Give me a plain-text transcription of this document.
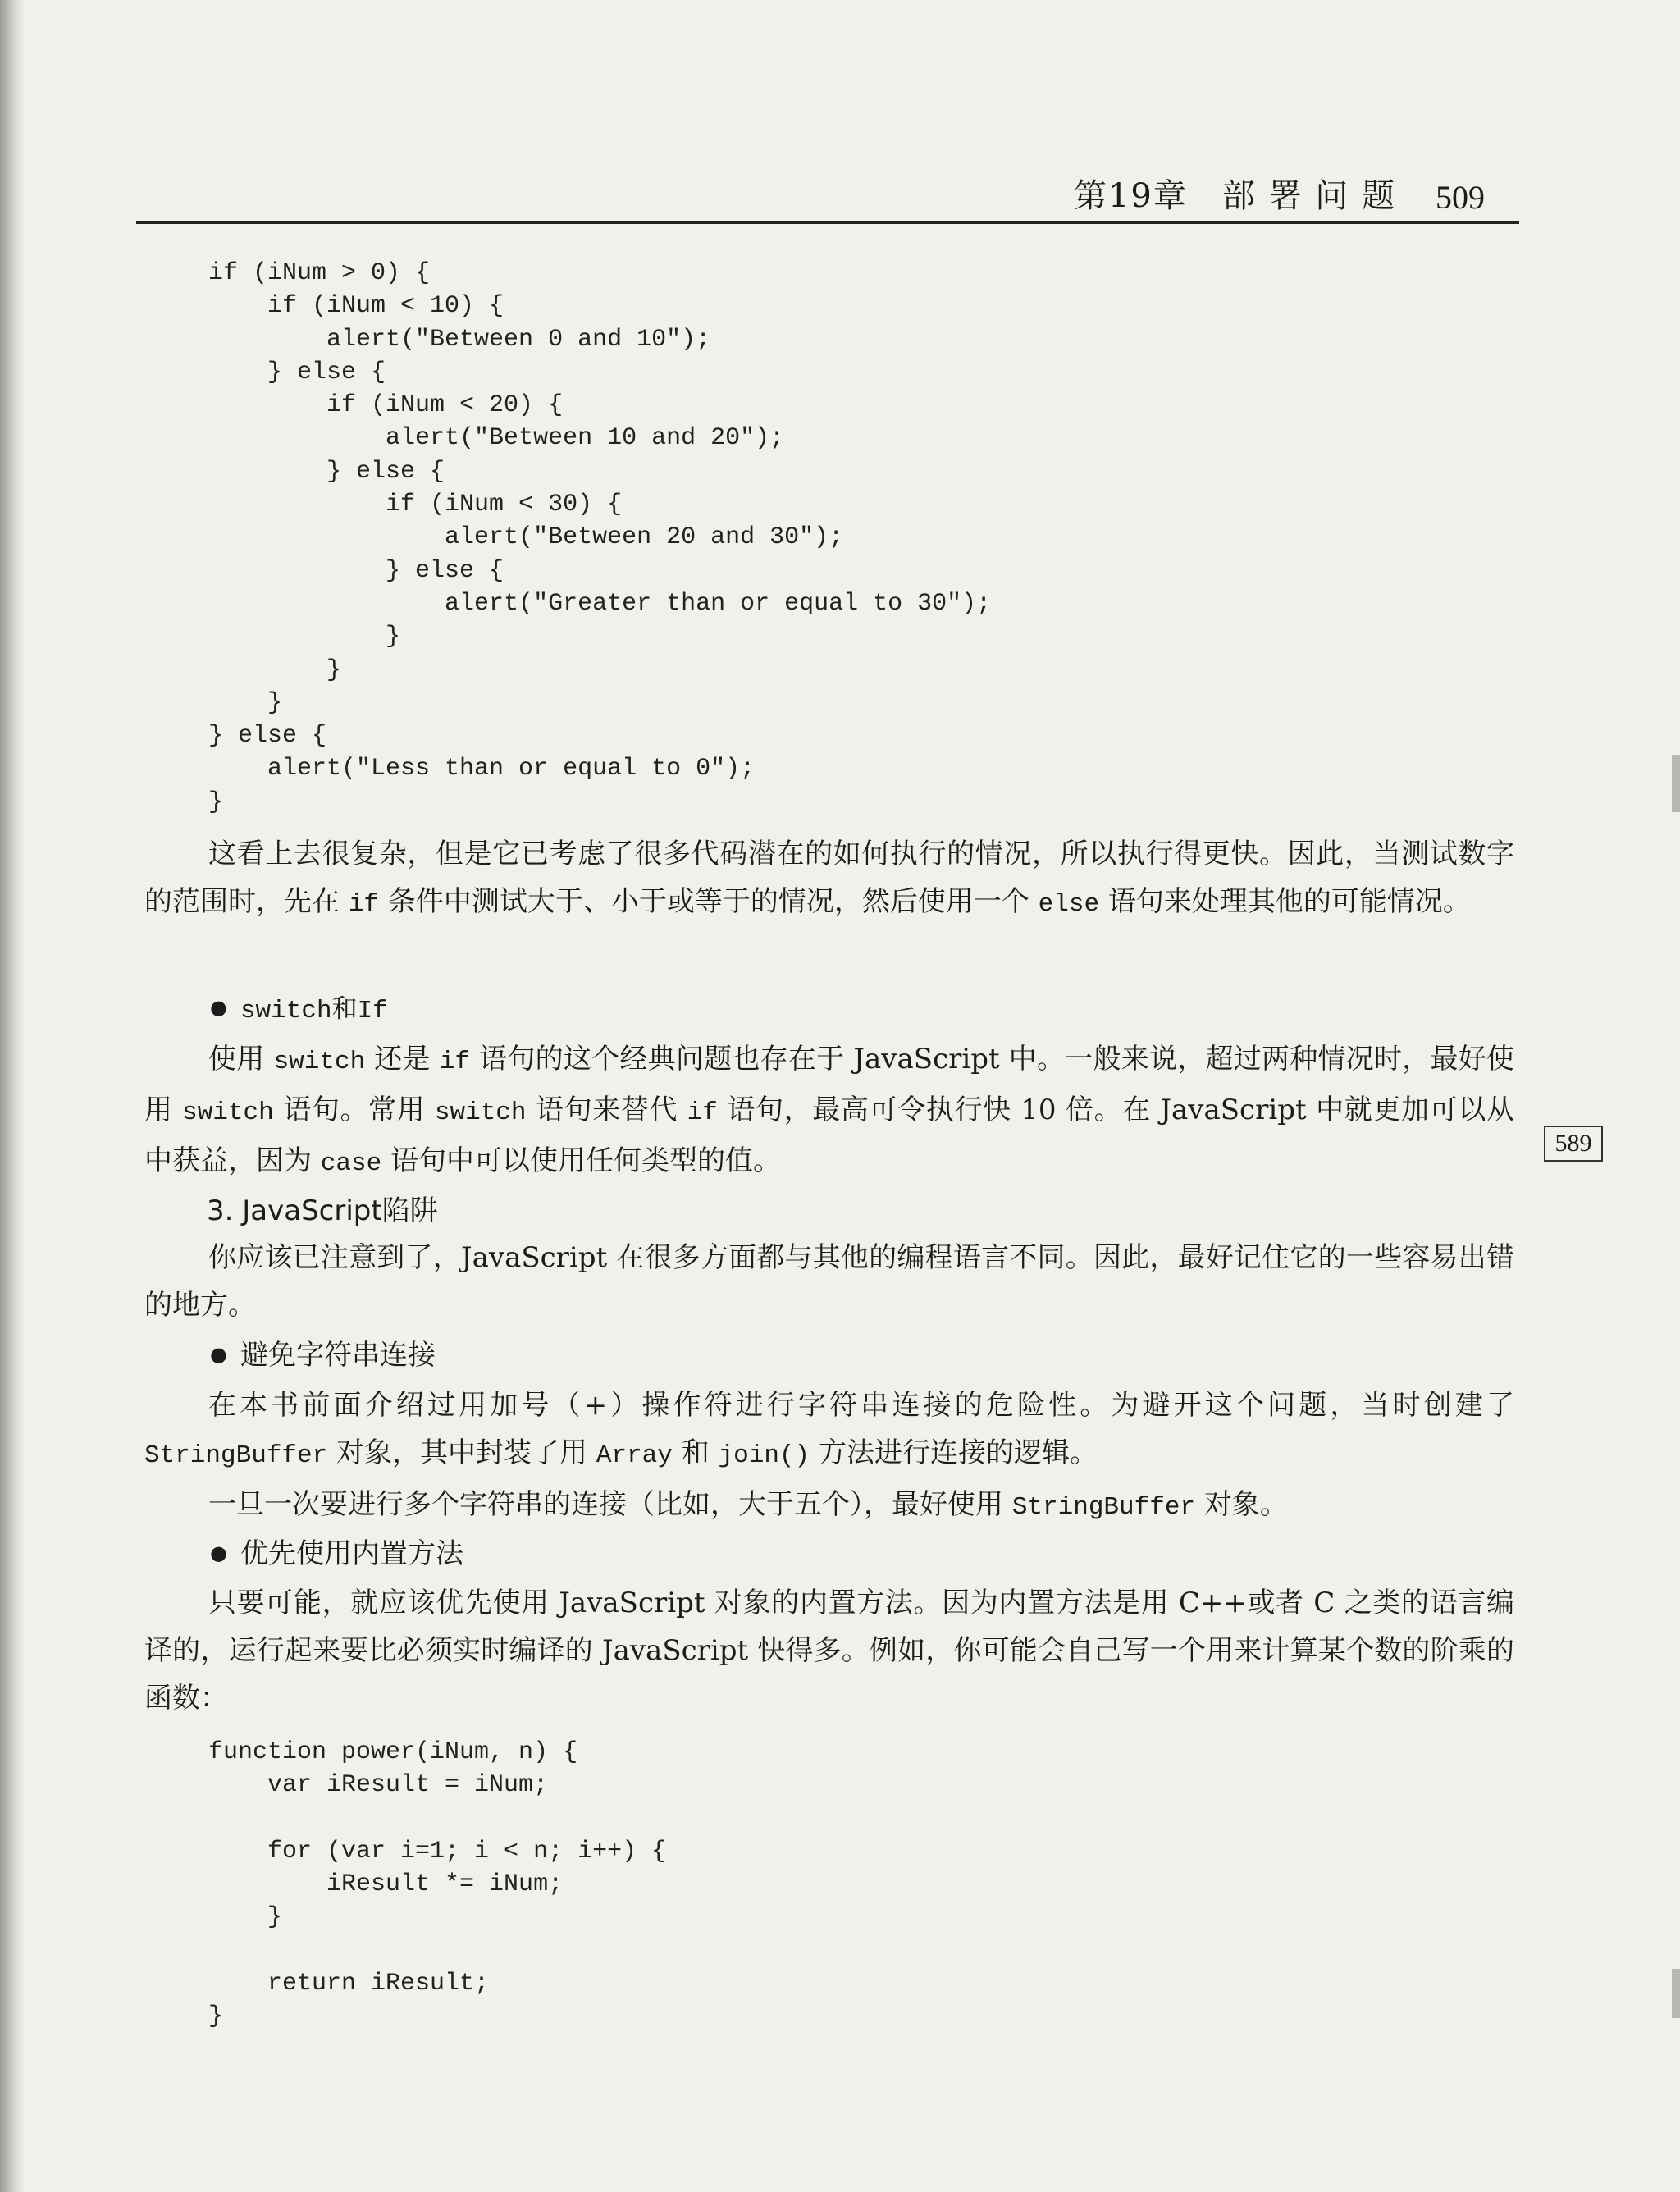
第19章　部 署 问 题 509
if (iNum > 0) {
if (iNum < 10) {
alert("Between 0 and 10");
} else {
if (iNum < 20) {
alert("Between 10 and 20");
} else {
if (iNum < 30) {
alert("Between 20 and 30");
} else {
alert("Greater than or equal to 30");
}
}
}
} else {
alert("Less than or equal to 0");
}

这看上去很复杂，但是它已考虑了很多代码潜在的如何执行的情况，所以执行得更快。因此，当测试数字的范围时，先在 if 条件中测试大于、小于或等于的情况，然后使用一个 else 语句来处理其他的可能情况。

● switch和If

使用 switch 还是 if 语句的这个经典问题也存在于 JavaScript 中。一般来说，超过两种情况时，最好使用 switch 语句。常用 switch 语句来替代 if 语句，最高可令执行快 10 倍。在 JavaScript 中就更加可以从中获益，因为 case 语句中可以使用任何类型的值。

589
3. JavaScript陷阱

你应该已注意到了，JavaScript 在很多方面都与其他的编程语言不同。因此，最好记住它的一些容易出错的地方。

● 避免字符串连接

在本书前面介绍过用加号（+）操作符进行字符串连接的危险性。为避开这个问题，当时创建了 StringBuffer 对象，其中封装了用 Array 和 join() 方法进行连接的逻辑。

一旦一次要进行多个字符串的连接（比如，大于五个），最好使用 StringBuffer 对象。

● 优先使用内置方法

只要可能，就应该优先使用 JavaScript 对象的内置方法。因为内置方法是用 C++或者 C 之类的语言编译的，运行起来要比必须实时编译的 JavaScript 快得多。例如，你可能会自己写一个用来计算某个数的阶乘的函数：

function power(iNum, n) {
var iResult = iNum;
for (var i=1; i < n; i++) {
iResult *= iNum;
}
return iResult;
}
